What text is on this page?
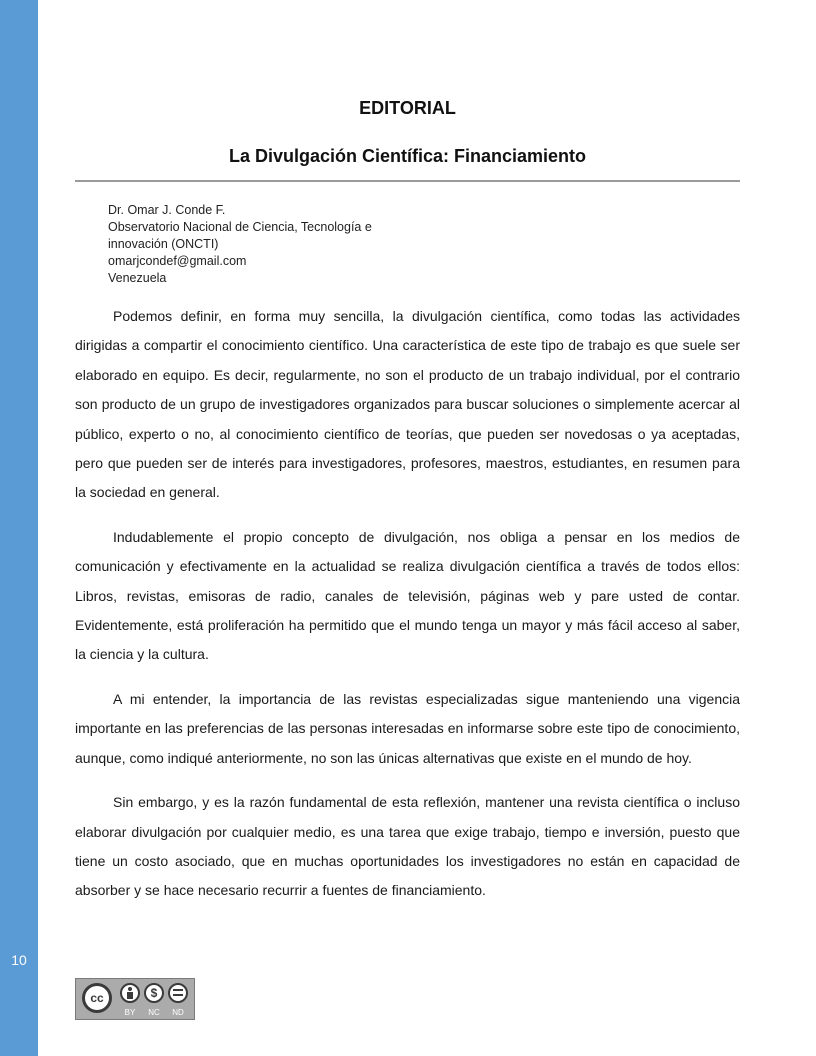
10
EDITORIAL
La Divulgación Científica: Financiamiento
Dr. Omar J. Conde F.
Observatorio Nacional de Ciencia, Tecnología e
innovación (ONCTI)
omarjcondef@gmail.com
Venezuela

Podemos definir, en forma muy sencilla, la divulgación científica, como todas las actividades dirigidas a compartir el conocimiento científico. Una característica de este tipo de trabajo es que suele ser elaborado en equipo. Es decir, regularmente, no son el producto de un trabajo individual, por el contrario son producto de un grupo de investigadores organizados para buscar soluciones o simplemente acercar al público, experto o no, al conocimiento científico de teorías, que pueden ser novedosas o ya aceptadas, pero que pueden ser de interés para investigadores, profesores, maestros, estudiantes, en resumen para la sociedad en general.

Indudablemente el propio concepto de divulgación, nos obliga a pensar en los medios de comunicación y efectivamente en la actualidad se realiza divulgación científica a través de todos ellos: Libros, revistas, emisoras de radio, canales de televisión, páginas web y pare usted de contar. Evidentemente, está proliferación ha permitido que el mundo tenga un mayor y más fácil acceso al saber, la ciencia y la cultura.

A mi entender, la importancia de las revistas especializadas sigue manteniendo una vigencia importante en las preferencias de las personas interesadas en informarse sobre este tipo de conocimiento, aunque, como indiqué anteriormente, no son las únicas alternativas que existe en el mundo de hoy.

Sin embargo, y es la razón fundamental de esta reflexión, mantener una revista científica o incluso elaborar divulgación por cualquier medio, es una tarea que exige trabajo, tiempo e inversión, puesto que tiene un costo asociado, que en muchas oportunidades los investigadores no están en capacidad de absorber y se hace necesario recurrir a fuentes de financiamiento.

cc
$
BY	NC	ND
